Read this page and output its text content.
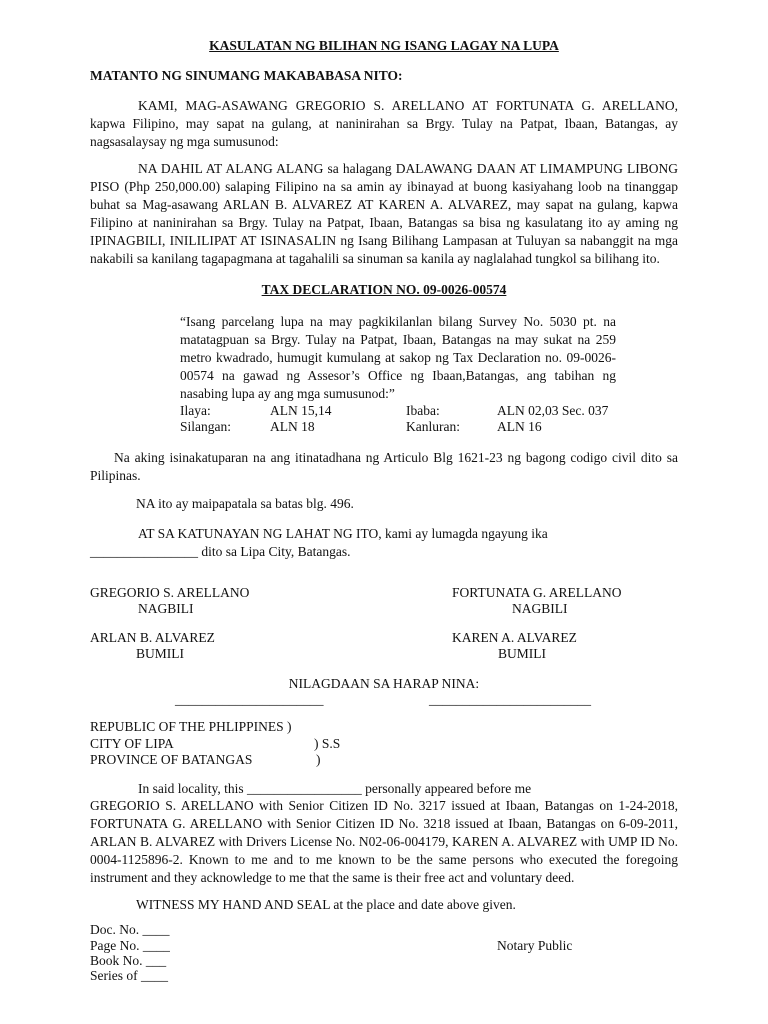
KASULATAN NG BILIHAN NG ISANG LAGAY NA LUPA
MATANTO NG SINUMANG MAKABABASA NITO:
KAMI, MAG-ASAWANG GREGORIO S. ARELLANO AT FORTUNATA G. ARELLANO, kapwa Filipino, may sapat na gulang, at naninirahan sa Brgy. Tulay na Patpat, Ibaan, Batangas, ay nagsasalaysay ng mga sumusunod:
NA DAHIL AT ALANG ALANG sa halagang DALAWANG DAAN AT LIMAMPUNG LIBONG PISO (Php 250,000.00) salaping Filipino na sa amin ay ibinayad at buong kasiyahang loob na tinanggap buhat sa Mag-asawang ARLAN B. ALVAREZ AT KAREN A. ALVAREZ, may sapat na gulang, kapwa Filipino at naninirahan sa Brgy. Tulay na Patpat, Ibaan, Batangas sa bisa ng kasulatang ito ay aming ng IPINAGBILI, INILILIPAT AT ISINASALIN ng Isang Bilihang Lampasan at Tuluyan sa nabanggit na mga nakabili sa kanilang tagapagmana at tagahalili sa sinuman sa kanila ay naglalahad tungkol sa bilihang ito.
TAX DECLARATION NO. 09-0026-00574
“Isang parcelang lupa na may pagkikilanlan bilang Survey No. 5030 pt. na matatagpuan sa Brgy. Tulay na Patpat, Ibaan, Batangas na may sukat na 259 metro kwadrado, humugit kumulang at sakop ng Tax Declaration no. 09-0026-00574 na gawad ng Assesor’s Office ng Ibaan,Batangas, ang tabihan ng nasabing lupa ay ang mga sumusunod:”
Ilaya:	ALN 15,14	Ibaba:	ALN 02,03 Sec. 037
Silangan:	ALN 18	Kanluran:	ALN 16
Na aking isinakatuparan na ang itinatadhana ng Articulo Blg 1621-23 ng bagong codigo civil dito sa Pilipinas.
NA ito ay maipapatala sa batas blg. 496.
AT SA KATUNAYAN NG LAHAT NG ITO, kami ay lumagda ngayung ika
________________ dito sa Lipa City, Batangas.
GREGORIO S. ARELLANO
NAGBILI
FORTUNATA G. ARELLANO
NAGBILI
ARLAN B. ALVAREZ
BUMILI
KAREN A. ALVAREZ
BUMILI
NILAGDAAN SA HARAP NINA:
______________________	________________________
REPUBLIC OF THE PHLIPPINES )
CITY OF LIPA	) S.S
PROVINCE OF BATANGAS	)
In said locality, this _________________ personally appeared before me
GREGORIO S. ARELLANO with Senior Citizen ID No. 3217 issued at Ibaan, Batangas on 1-24-2018, FORTUNATA G. ARELLANO with Senior Citizen ID No. 3218 issued at Ibaan, Batangas on 6-09-2011, ARLAN B. ALVAREZ with Drivers License No. N02-06-004179, KAREN A. ALVAREZ with UMP ID No. 0004-1125896-2. Known to me and to me known to be the same persons who executed the foregoing instrument and they acknowledge to me that the same is their free act and voluntary deed.
WITNESS MY HAND AND SEAL at the place and date above given.
Doc. No. ____
Page No. ____
Book No. ___
Series of ____
Notary Public
